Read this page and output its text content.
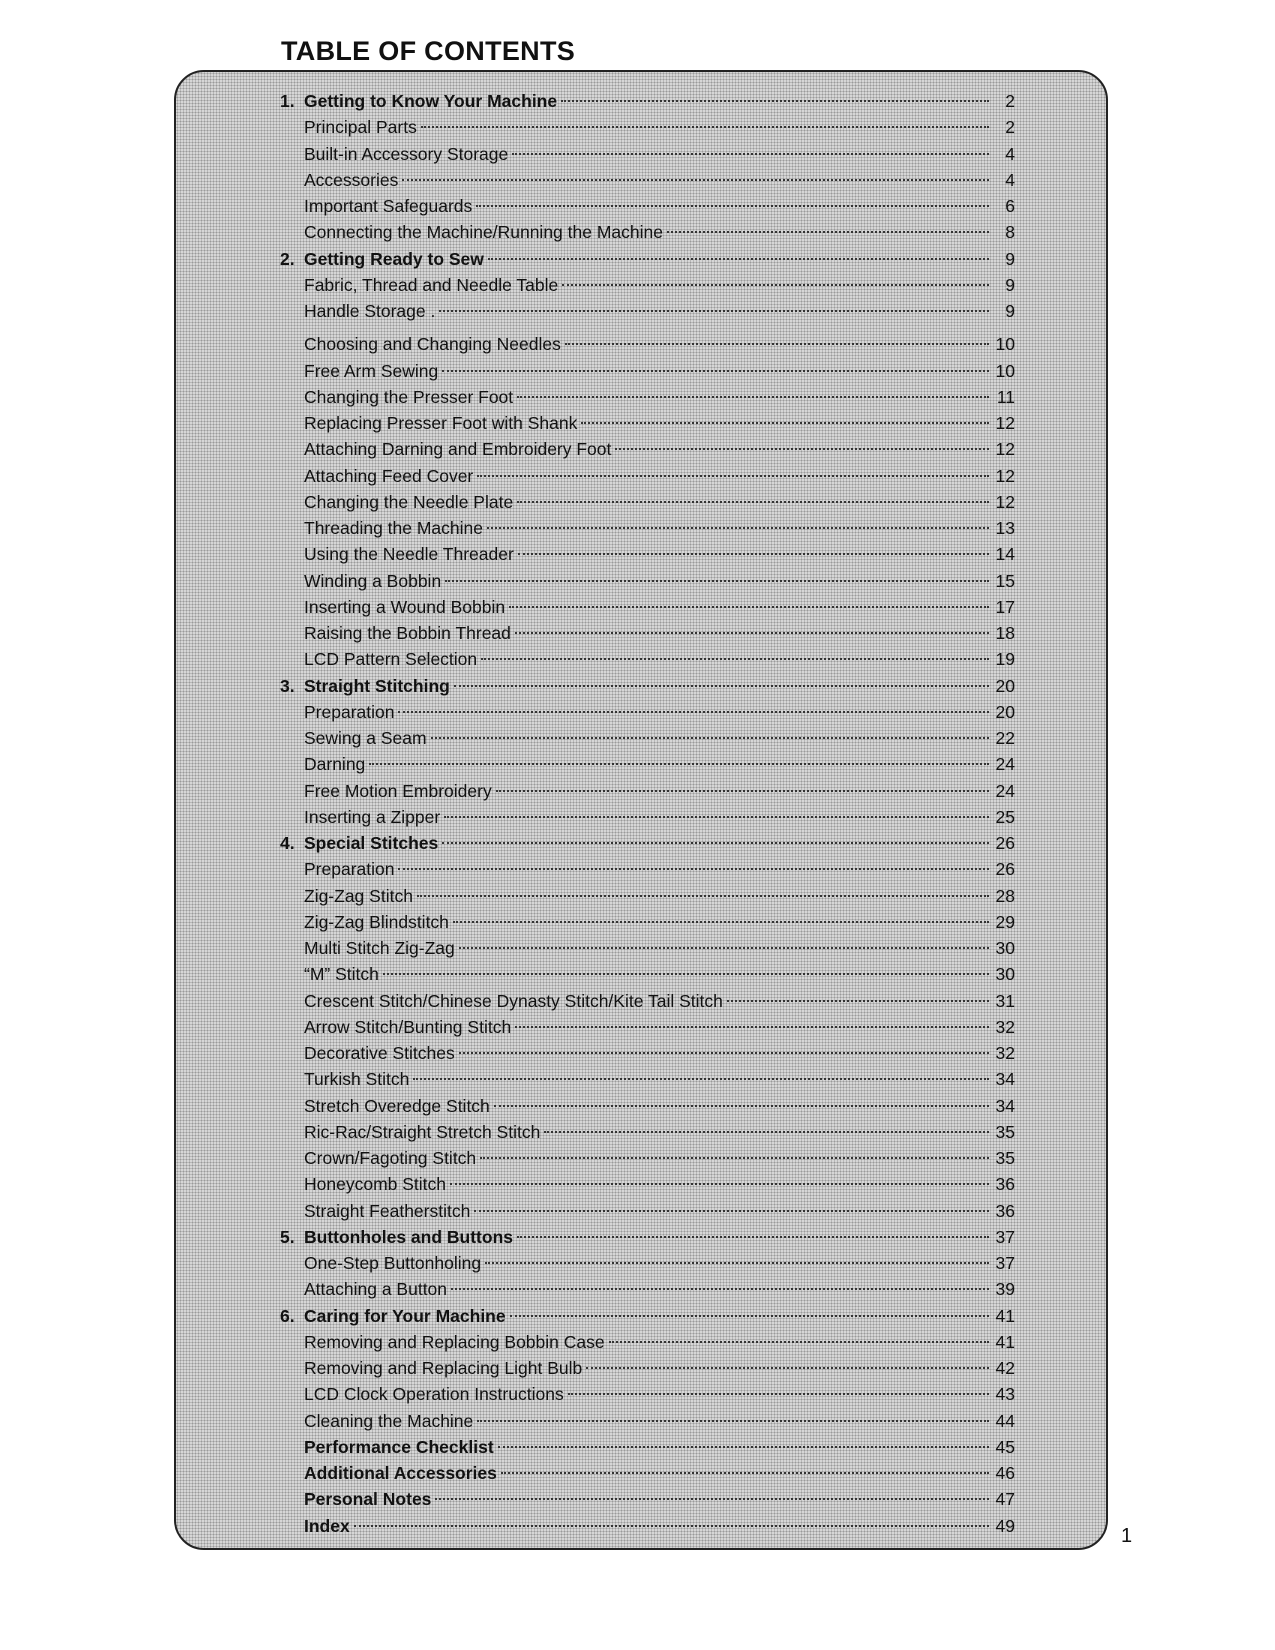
TABLE OF CONTENTS
1. Getting to Know Your Machine	2
Principal Parts	2
Built-in Accessory Storage	4
Accessories	4
Important Safeguards	6
Connecting the Machine/Running the Machine	8
2. Getting Ready to Sew	9
Fabric, Thread and Needle Table	9
Handle Storage .	9
Choosing and Changing Needles	10
Free Arm Sewing	10
Changing the Presser Foot	11
Replacing Presser Foot with Shank	12
Attaching Darning and Embroidery Foot	12
Attaching Feed Cover	12
Changing the Needle Plate	12
Threading the Machine	13
Using the Needle Threader	14
Winding a Bobbin	15
Inserting a Wound Bobbin	17
Raising the Bobbin Thread	18
LCD Pattern Selection	19
3. Straight Stitching	20
Preparation	20
Sewing a Seam	22
Darning	24
Free Motion Embroidery	24
Inserting a Zipper	25
4. Special Stitches	26
Preparation	26
Zig-Zag Stitch	28
Zig-Zag Blindstitch	29
Multi Stitch Zig-Zag	30
“M” Stitch	30
Crescent Stitch/Chinese Dynasty Stitch/Kite Tail Stitch	31
Arrow Stitch/Bunting Stitch	32
Decorative Stitches	32
Turkish Stitch	34
Stretch Overedge Stitch	34
Ric-Rac/Straight Stretch Stitch	35
Crown/Fagoting Stitch	35
Honeycomb Stitch	36
Straight Featherstitch	36
5. Buttonholes and Buttons	37
One-Step Buttonholing	37
Attaching a Button	39
6. Caring for Your Machine	41
Removing and Replacing Bobbin Case	41
Removing and Replacing Light Bulb	42
LCD Clock Operation Instructions	43
Cleaning the Machine	44
Performance Checklist	45
Additional Accessories	46
Personal Notes	47
Index	49	1
